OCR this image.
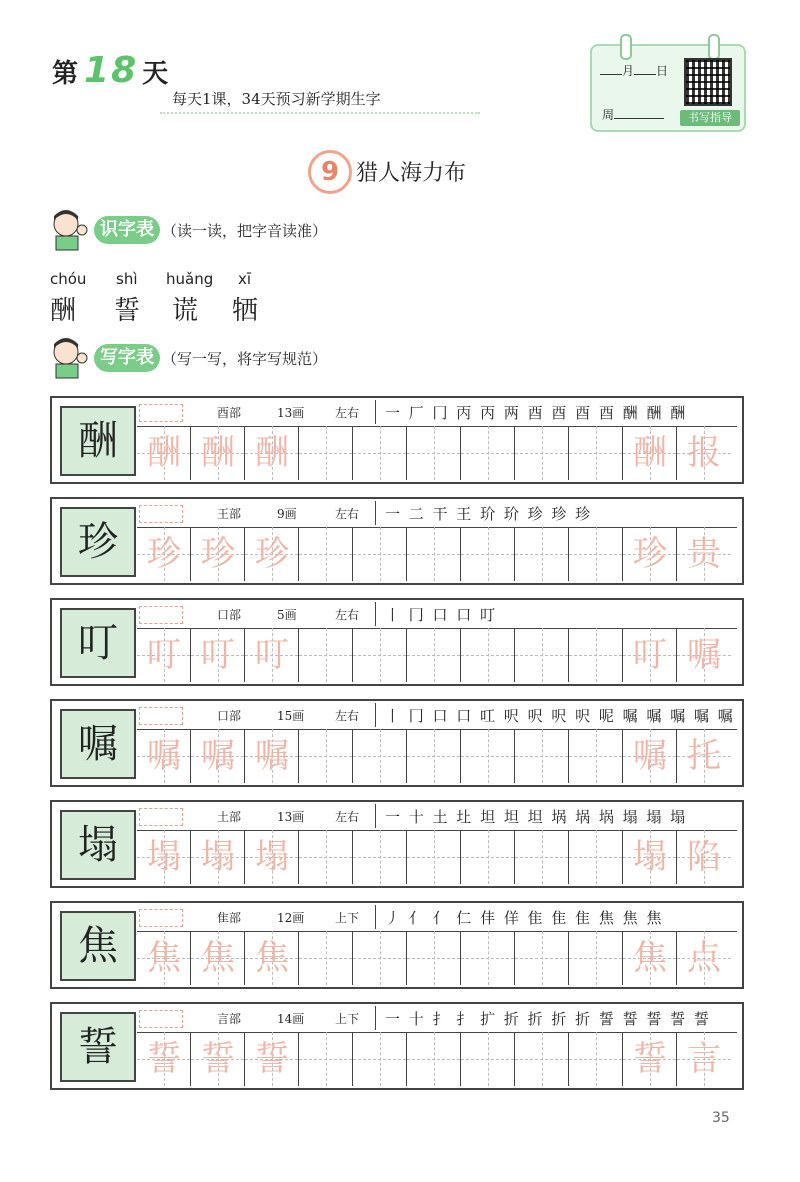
第 18 天
每天1课，34天预习新学期生字
月 日
周	书写指导
9 猎人海力布
识字表 （读一读，把字音读准）
chóu shì huǎng xī
酬 誓 谎 牺
写字表 （写一写，将字写规范）
酬
酉部	13画	左右 一 厂 冂 丙 丙 两 酉 酉 酉 酉 酬 酬 酬
酬 酬 酬	酬 报
珍
王部	9画	左右 一 二 干 王 玠 玠 珍 珍 珍
珍 珍 珍	珍 贵
叮
口部	5画	左右 丨 冂 口 口 叮
叮 叮 叮	叮 嘱
嘱
口部	15画	左右 丨 冂 口 口 叿 呎 呎 呎 呎 呢 嘱 嘱 嘱 嘱 嘱
嘱 嘱 嘱	嘱 托
塌
土部	13画	左右 一 十 土 圵 坦 坦 坦 埚 埚 埚 塌 塌 塌
塌 塌 塌	塌 陷
焦
隹部	12画	上下 丿 亻 亻 仁 仹 佯 隹 隹 隹 焦 焦 焦
焦 焦 焦	焦 点
誓
言部	14画	上下 一 十 扌 扌 扩 折 折 折 折 誓 誓 誓 誓 誓
誓 誓 誓	誓 言
35
